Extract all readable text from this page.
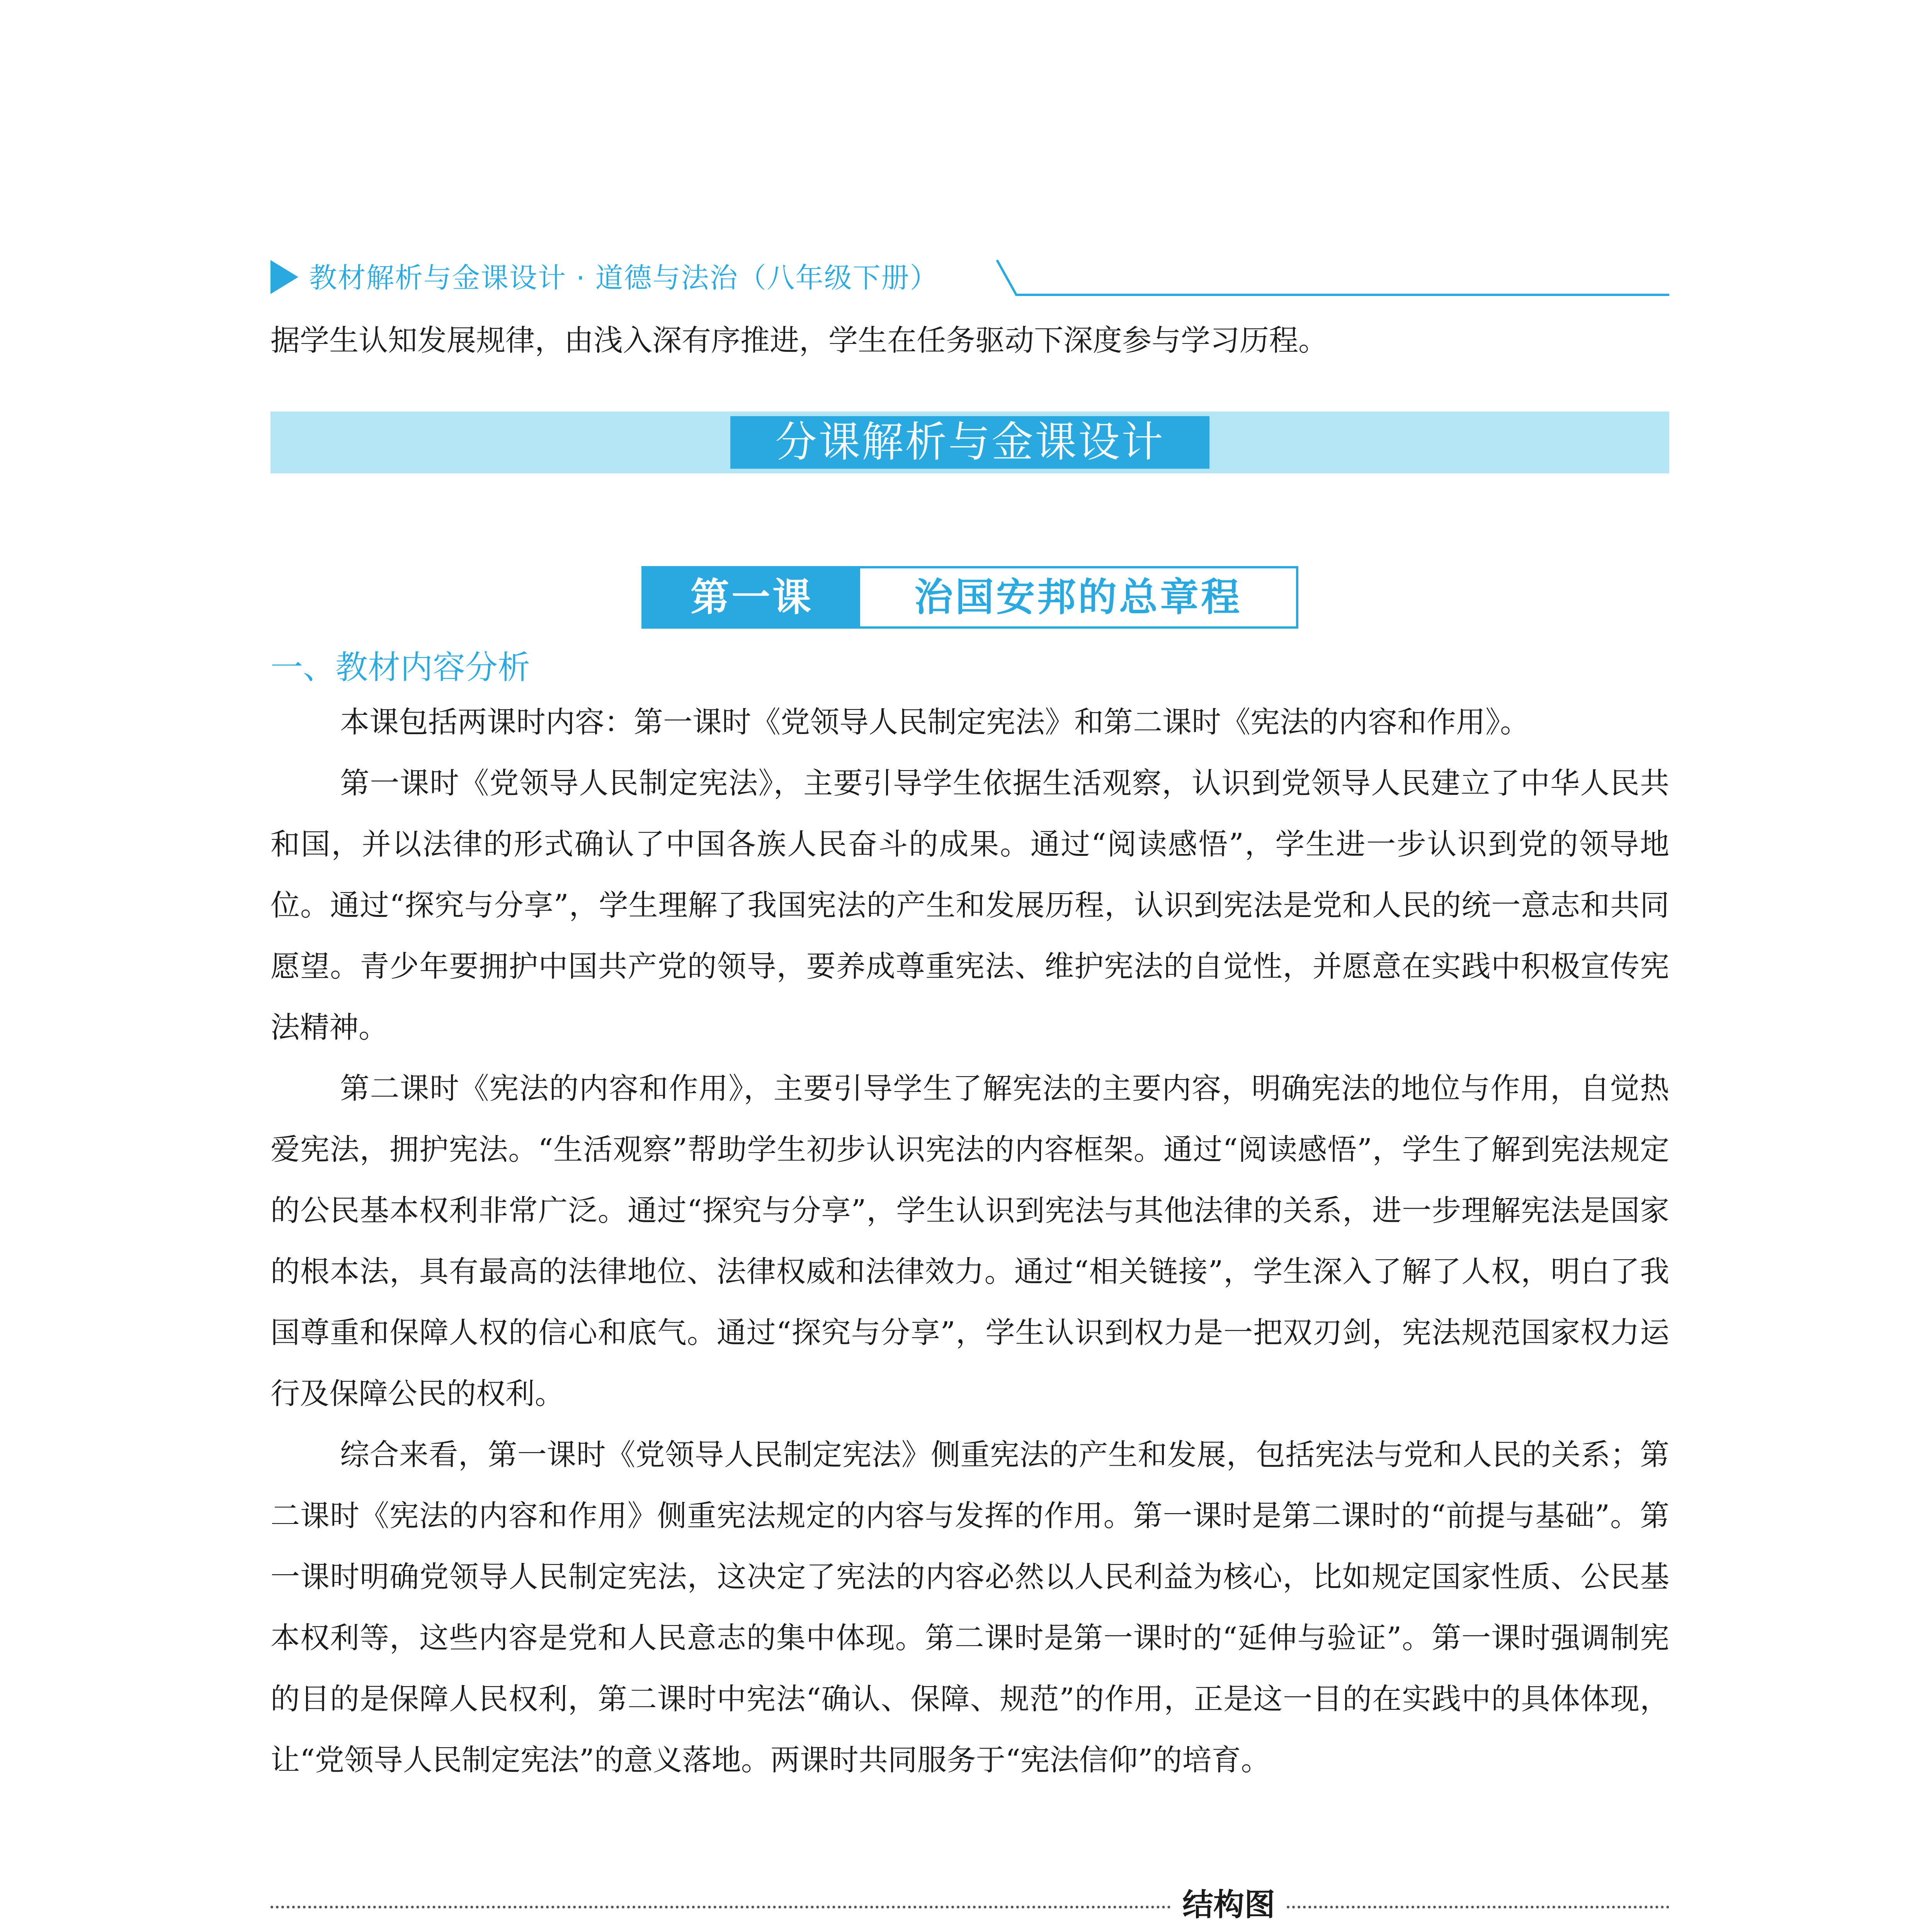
教材解析与金课设计 · 道德与法治（八年级下册）
据学生认知发展规律，由浅入深有序推进，学生在任务驱动下深度参与学习历程。
分课解析与金课设计
第一课	治国安邦的总章程
一、教材内容分析

本课包括两课时内容：第一课时《党领导人民制定宪法》和第二课时《宪法的内容和作用》。

第一课时《党领导人民制定宪法》，主要引导学生依据生活观察，认识到党领导人民建立了中华人民共和国，并以法律的形式确认了中国各族人民奋斗的成果。通过“阅读感悟”，学生进一步认识到党的领导地位。通过“探究与分享”，学生理解了我国宪法的产生和发展历程，认识到宪法是党和人民的统一意志和共同愿望。青少年要拥护中国共产党的领导，要养成尊重宪法、维护宪法的自觉性，并愿意在实践中积极宣传宪法精神。

第二课时《宪法的内容和作用》，主要引导学生了解宪法的主要内容，明确宪法的地位与作用，自觉热爱宪法，拥护宪法。“生活观察”帮助学生初步认识宪法的内容框架。通过“阅读感悟”，学生了解到宪法规定的公民基本权利非常广泛。通过“探究与分享”，学生认识到宪法与其他法律的关系，进一步理解宪法是国家的根本法，具有最高的法律地位、法律权威和法律效力。通过“相关链接”，学生深入了解了人权，明白了我国尊重和保障人权的信心和底气。通过“探究与分享”，学生认识到权力是一把双刃剑，宪法规范国家权力运行及保障公民的权利。

综合来看，第一课时《党领导人民制定宪法》侧重宪法的产生和发展，包括宪法与党和人民的关系；第二课时《宪法的内容和作用》侧重宪法规定的内容与发挥的作用。第一课时是第二课时的“前提与基础”。第一课时明确党领导人民制定宪法，这决定了宪法的内容必然以人民利益为核心，比如规定国家性质、公民基本权利等，这些内容是党和人民意志的集中体现。第二课时是第一课时的“延伸与验证”。第一课时强调制宪的目的是保障人民权利，第二课时中宪法“确认、保障、规范”的作用，正是这一目的在实践中的具体体现，让“党领导人民制定宪法”的意义落地。两课时共同服务于“宪法信仰”的培育。

结构图
